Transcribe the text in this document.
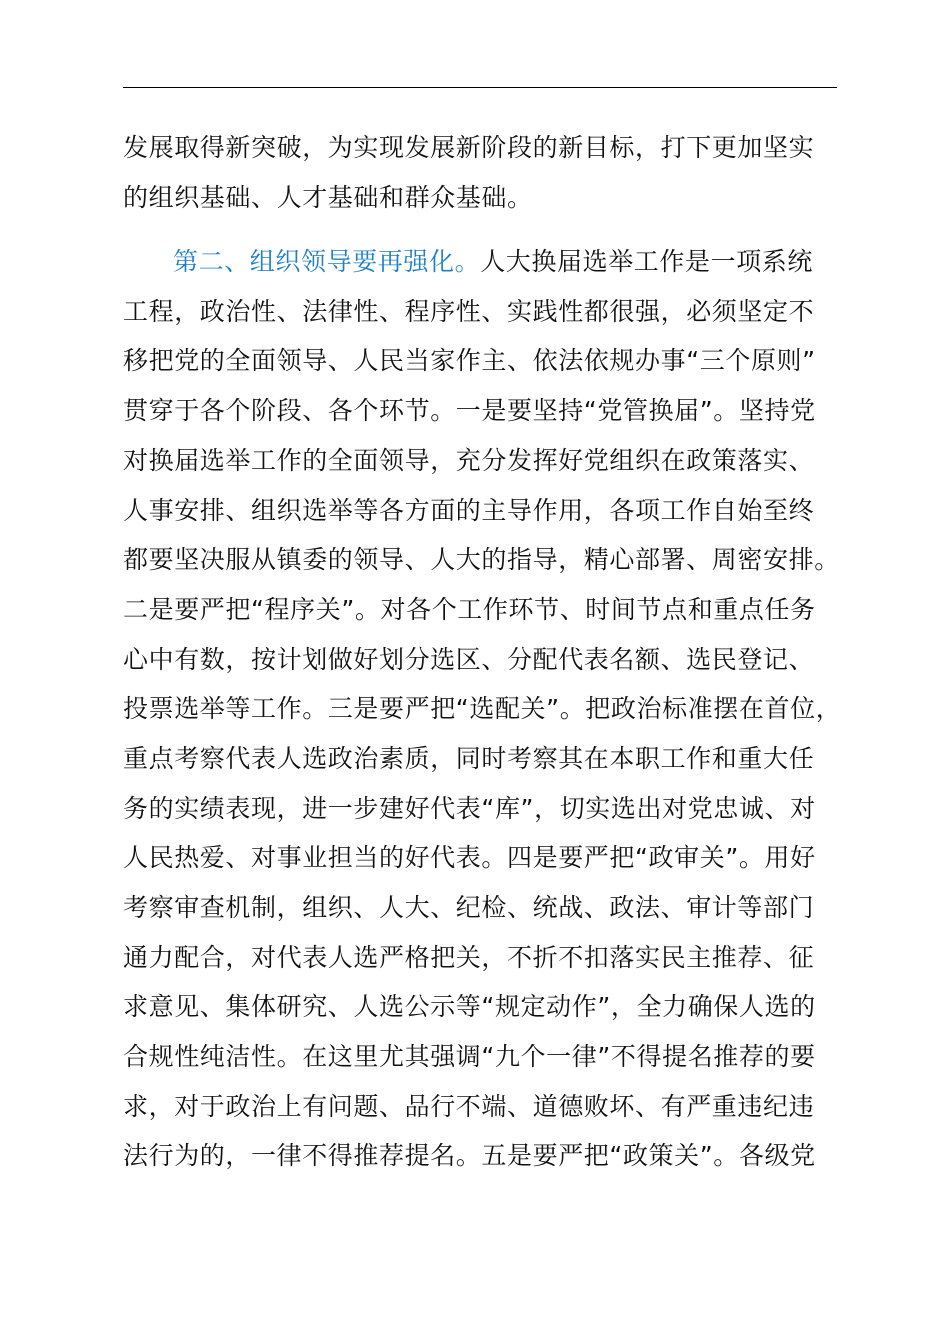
发展取得新突破，为实现发展新阶段的新目标，打下更加坚实
的组织基础、人才基础和群众基础。
第二、组织领导要再强化。人大换届选举工作是一项系统
工程，政治性、法律性、程序性、实践性都很强，必须坚定不
移把党的全面领导、人民当家作主、依法依规办事“三个原则”
贯穿于各个阶段、各个环节。一是要坚持“党管换届”。坚持党
对换届选举工作的全面领导，充分发挥好党组织在政策落实、
人事安排、组织选举等各方面的主导作用，各项工作自始至终
都要坚决服从镇委的领导、人大的指导，精心部署、周密安排。
二是要严把“程序关”。对各个工作环节、时间节点和重点任务
心中有数，按计划做好划分选区、分配代表名额、选民登记、
投票选举等工作。三是要严把“选配关”。把政治标准摆在首位，
重点考察代表人选政治素质，同时考察其在本职工作和重大任
务的实绩表现，进一步建好代表“库”，切实选出对党忠诚、对
人民热爱、对事业担当的好代表。四是要严把“政审关”。用好
考察审查机制，组织、人大、纪检、统战、政法、审计等部门
通力配合，对代表人选严格把关，不折不扣落实民主推荐、征
求意见、集体研究、人选公示等“规定动作”，全力确保人选的
合规性纯洁性。在这里尤其强调“九个一律”不得提名推荐的要
求，对于政治上有问题、品行不端、道德败坏、有严重违纪违
法行为的，一律不得推荐提名。五是要严把“政策关”。各级党
